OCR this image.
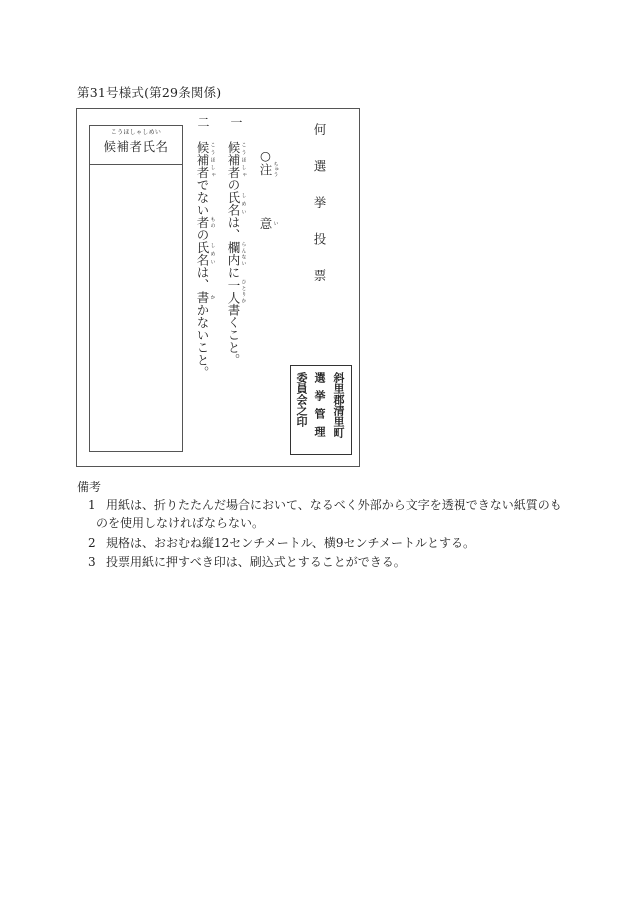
第31号様式(第29条関係)
こうほしゃしめい
候補者氏名	何選挙投票
○注 ちゅう意 い
一
候補者 こうほしゃの氏名 しめいは、欄内 らんないに一人 ひとりか書くこと。
二
候補者 こうほしゃでない者 ものの氏名 しめいは、書 かかないこと。
斜里郡清里町
選挙管理
委員会之印
備考
1 用紙は、折りたたんだ場合において、なるべく外部から文字を透視できない紙質のも
のを使用しなければならない。
2 規格は、おおむね縦12センチメートル、横9センチメートルとする。
3 投票用紙に押すべき印は、刷込式とすることができる。
